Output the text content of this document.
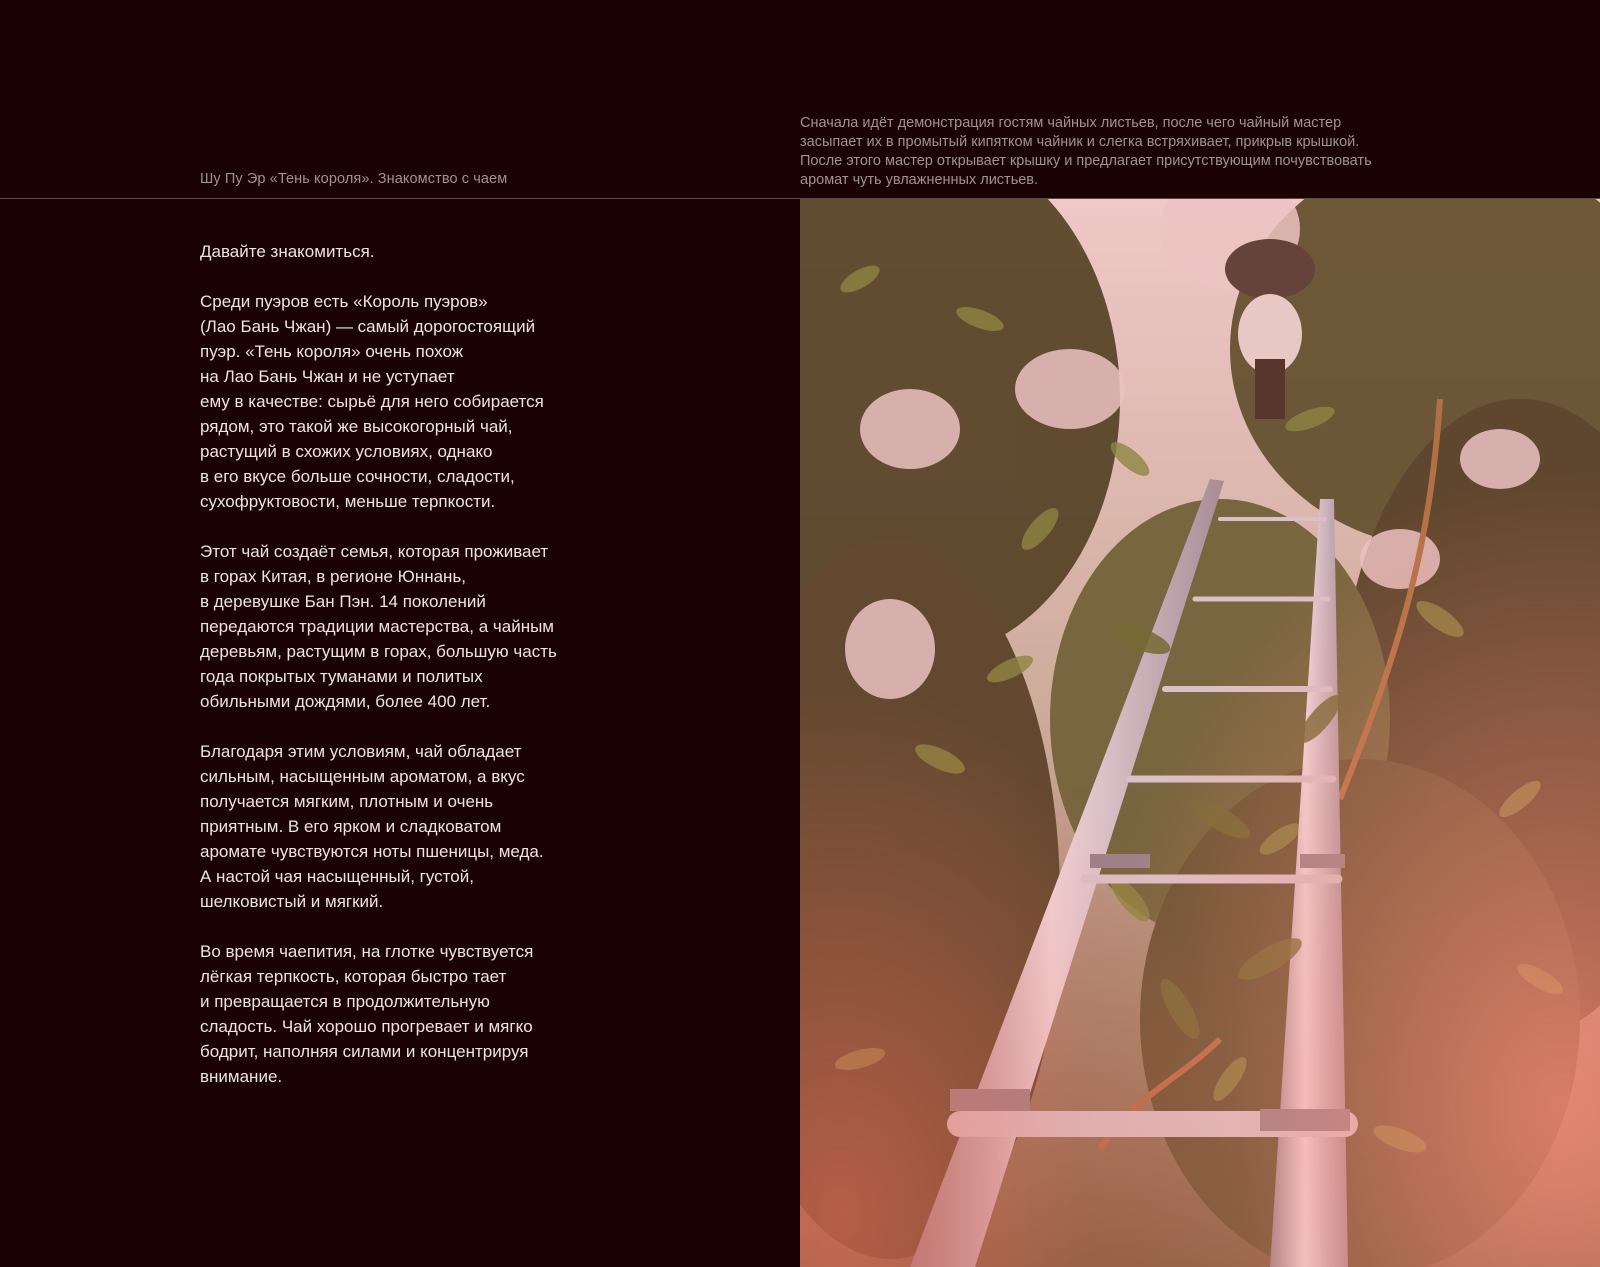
Шу Пу Эр «Тень короля». Знакомство с чаем
Сначала идёт демонстрация гостям чайных листьев, после чего чайный мастер засыпает их в промытый кипятком чайник и слегка встряхивает, прикрыв крышкой. После этого мастер открывает крышку и предлагает присутствующим почувствовать аромат чуть увлажненных листьев.

Давайте знакомиться.

Среди пуэров есть «Король пуэров»
(Лао Бань Чжан) — самый дорогостоящий
пуэр. «Тень короля» очень похож
на Лао Бань Чжан и не уступает
ему в качестве: сырьё для него собирается
рядом, это такой же высокогорный чай,
растущий в схожих условиях, однако
в его вкусе больше сочности, сладости,
сухофруктовости, меньше терпкости.

Этот чай создаёт семья, которая проживает
в горах Китая, в регионе Юннань,
в деревушке Бан Пэн. 14 поколений
передаются традиции мастерства, а чайным
деревьям, растущим в горах, большую часть
года покрытых туманами и политых
обильными дождями, более 400 лет.

Благодаря этим условиям, чай обладает
сильным, насыщенным ароматом, а вкус
получается мягким, плотным и очень
приятным. В его ярком и сладковатом
аромате чувствуются ноты пшеницы, меда.
А настой чая насыщенный, густой,
шелковистый и мягкий.

Во время чаепития, на глотке чувствуется
лёгкая терпкость, которая быстро тает
и превращается в продолжительную
сладость. Чай хорошо прогревает и мягко
бодрит, наполняя силами и концентрируя
внимание.
